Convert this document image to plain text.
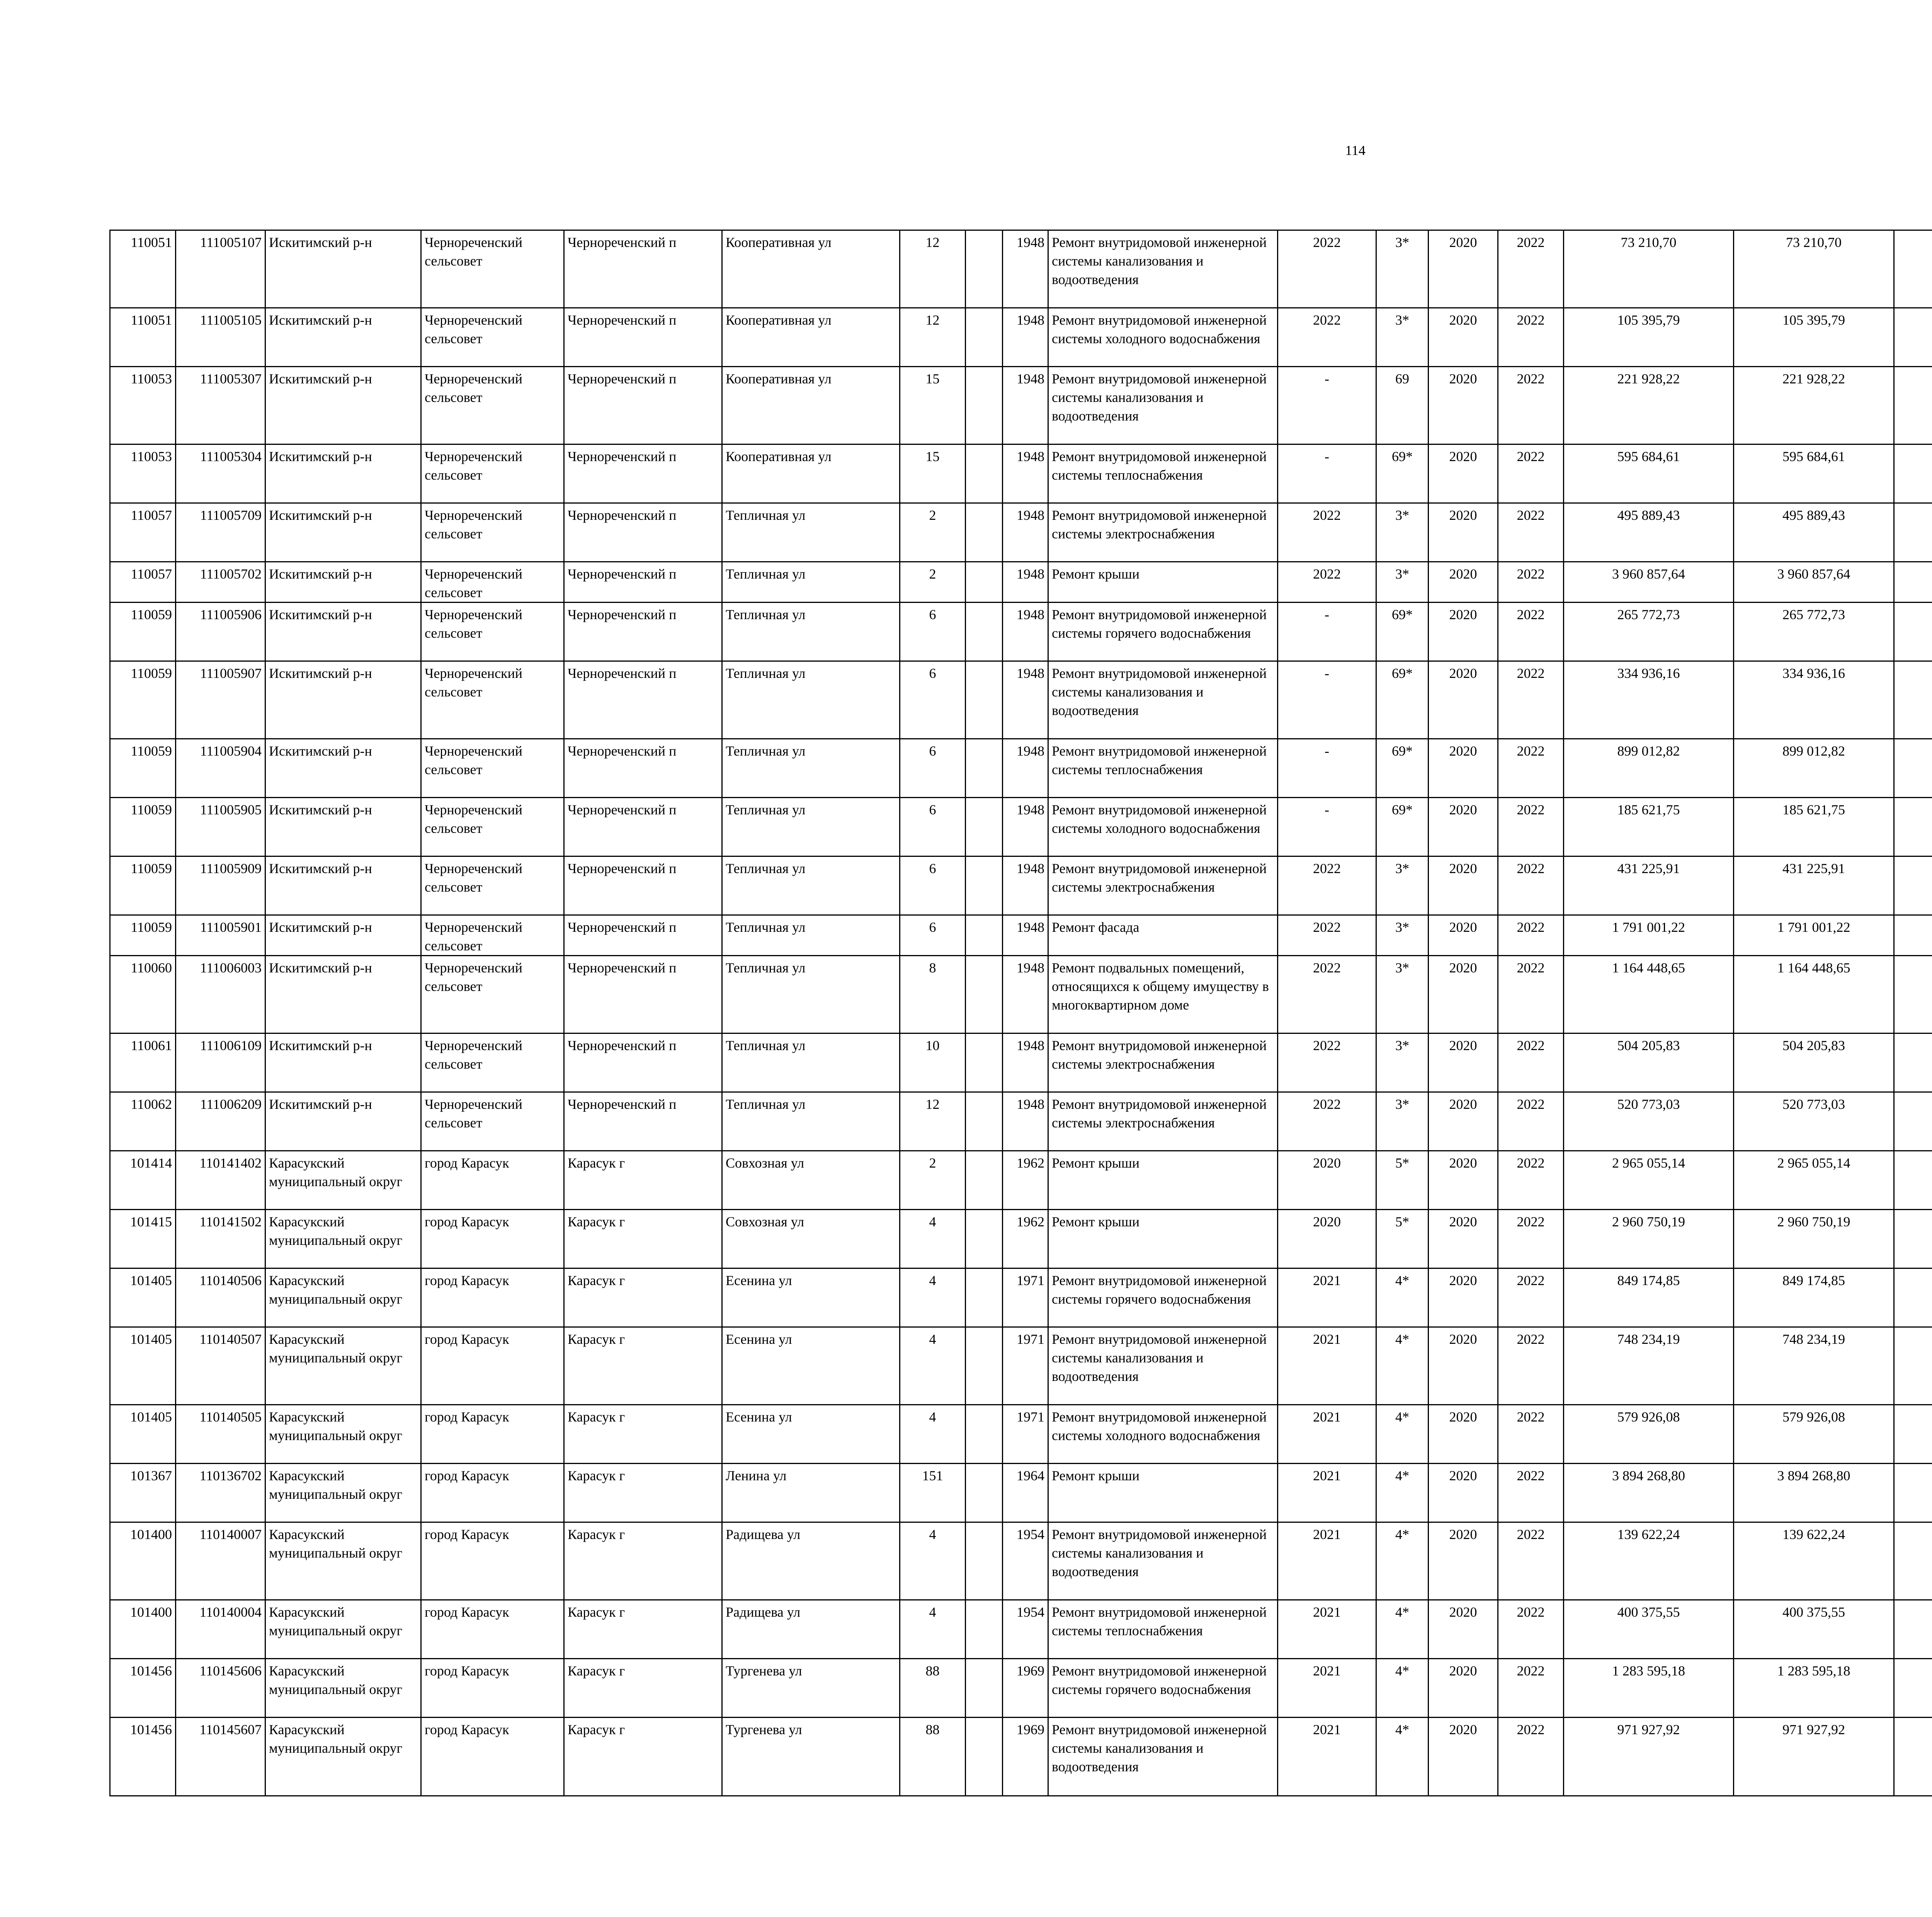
114
110051	111005107	Искитимский р-н	Чернореченский сельсовет	Чернореченский п	Кооперативная ул	12		1948	Ремонт внутридомовой инженерной системы канализования и водоотведения	2022	3*	2020	2022	73 210,70	73 210,70						
110051	111005105	Искитимский р-н	Чернореченский сельсовет	Чернореченский п	Кооперативная ул	12		1948	Ремонт внутридомовой инженерной системы холодного водоснабжения	2022	3*	2020	2022	105 395,79	105 395,79						
110053	111005307	Искитимский р-н	Чернореченский сельсовет	Чернореченский п	Кооперативная ул	15		1948	Ремонт внутридомовой инженерной системы канализования и водоотведения	-	69	2020	2022	221 928,22	221 928,22						
110053	111005304	Искитимский р-н	Чернореченский сельсовет	Чернореченский п	Кооперативная ул	15		1948	Ремонт внутридомовой инженерной системы теплоснабжения	-	69*	2020	2022	595 684,61	595 684,61						
110057	111005709	Искитимский р-н	Чернореченский сельсовет	Чернореченский п	Тепличная ул	2		1948	Ремонт внутридомовой инженерной системы электроснабжения	2022	3*	2020	2022	495 889,43	495 889,43						
110057	111005702	Искитимский р-н	Чернореченский сельсовет	Чернореченский п	Тепличная ул	2		1948	Ремонт крыши	2022	3*	2020	2022	3 960 857,64	3 960 857,64						
110059	111005906	Искитимский р-н	Чернореченский сельсовет	Чернореченский п	Тепличная ул	6		1948	Ремонт внутридомовой инженерной системы горячего водоснабжения	-	69*	2020	2022	265 772,73	265 772,73						
110059	111005907	Искитимский р-н	Чернореченский сельсовет	Чернореченский п	Тепличная ул	6		1948	Ремонт внутридомовой инженерной системы канализования и водоотведения	-	69*	2020	2022	334 936,16	334 936,16						
110059	111005904	Искитимский р-н	Чернореченский сельсовет	Чернореченский п	Тепличная ул	6		1948	Ремонт внутридомовой инженерной системы теплоснабжения	-	69*	2020	2022	899 012,82	899 012,82						
110059	111005905	Искитимский р-н	Чернореченский сельсовет	Чернореченский п	Тепличная ул	6		1948	Ремонт внутридомовой инженерной системы холодного водоснабжения	-	69*	2020	2022	185 621,75	185 621,75						
110059	111005909	Искитимский р-н	Чернореченский сельсовет	Чернореченский п	Тепличная ул	6		1948	Ремонт внутридомовой инженерной системы электроснабжения	2022	3*	2020	2022	431 225,91	431 225,91						
110059	111005901	Искитимский р-н	Чернореченский сельсовет	Чернореченский п	Тепличная ул	6		1948	Ремонт фасада	2022	3*	2020	2022	1 791 001,22	1 791 001,22						
110060	111006003	Искитимский р-н	Чернореченский сельсовет	Чернореченский п	Тепличная ул	8		1948	Ремонт подвальных помещений, относящихся к общему имуществу в многоквартирном доме	2022	3*	2020	2022	1 164 448,65	1 164 448,65						
110061	111006109	Искитимский р-н	Чернореченский сельсовет	Чернореченский п	Тепличная ул	10		1948	Ремонт внутридомовой инженерной системы электроснабжения	2022	3*	2020	2022	504 205,83	504 205,83						
110062	111006209	Искитимский р-н	Чернореченский сельсовет	Чернореченский п	Тепличная ул	12		1948	Ремонт внутридомовой инженерной системы электроснабжения	2022	3*	2020	2022	520 773,03	520 773,03						
101414	110141402	Карасукский муниципальный округ	город Карасук	Карасук г	Совхозная ул	2		1962	Ремонт крыши	2020	5*	2020	2022	2 965 055,14	2 965 055,14						
101415	110141502	Карасукский муниципальный округ	город Карасук	Карасук г	Совхозная ул	4		1962	Ремонт крыши	2020	5*	2020	2022	2 960 750,19	2 960 750,19						
101405	110140506	Карасукский муниципальный округ	город Карасук	Карасук г	Есенина ул	4		1971	Ремонт внутридомовой инженерной системы горячего водоснабжения	2021	4*	2020	2022	849 174,85	849 174,85						
101405	110140507	Карасукский муниципальный округ	город Карасук	Карасук г	Есенина ул	4		1971	Ремонт внутридомовой инженерной системы канализования и водоотведения	2021	4*	2020	2022	748 234,19	748 234,19						
101405	110140505	Карасукский муниципальный округ	город Карасук	Карасук г	Есенина ул	4		1971	Ремонт внутридомовой инженерной системы холодного водоснабжения	2021	4*	2020	2022	579 926,08	579 926,08						
101367	110136702	Карасукский муниципальный округ	город Карасук	Карасук г	Ленина ул	151		1964	Ремонт крыши	2021	4*	2020	2022	3 894 268,80	3 894 268,80						
101400	110140007	Карасукский муниципальный округ	город Карасук	Карасук г	Радищева ул	4		1954	Ремонт внутридомовой инженерной системы канализования и водоотведения	2021	4*	2020	2022	139 622,24	139 622,24						
101400	110140004	Карасукский муниципальный округ	город Карасук	Карасук г	Радищева ул	4		1954	Ремонт внутридомовой инженерной системы теплоснабжения	2021	4*	2020	2022	400 375,55	400 375,55						
101456	110145606	Карасукский муниципальный округ	город Карасук	Карасук г	Тургенева ул	88		1969	Ремонт внутридомовой инженерной системы горячего водоснабжения	2021	4*	2020	2022	1 283 595,18	1 283 595,18						
101456	110145607	Карасукский муниципальный округ	город Карасук	Карасук г	Тургенева ул	88		1969	Ремонт внутридомовой инженерной системы канализования и водоотведения	2021	4*	2020	2022	971 927,92	971 927,92						
